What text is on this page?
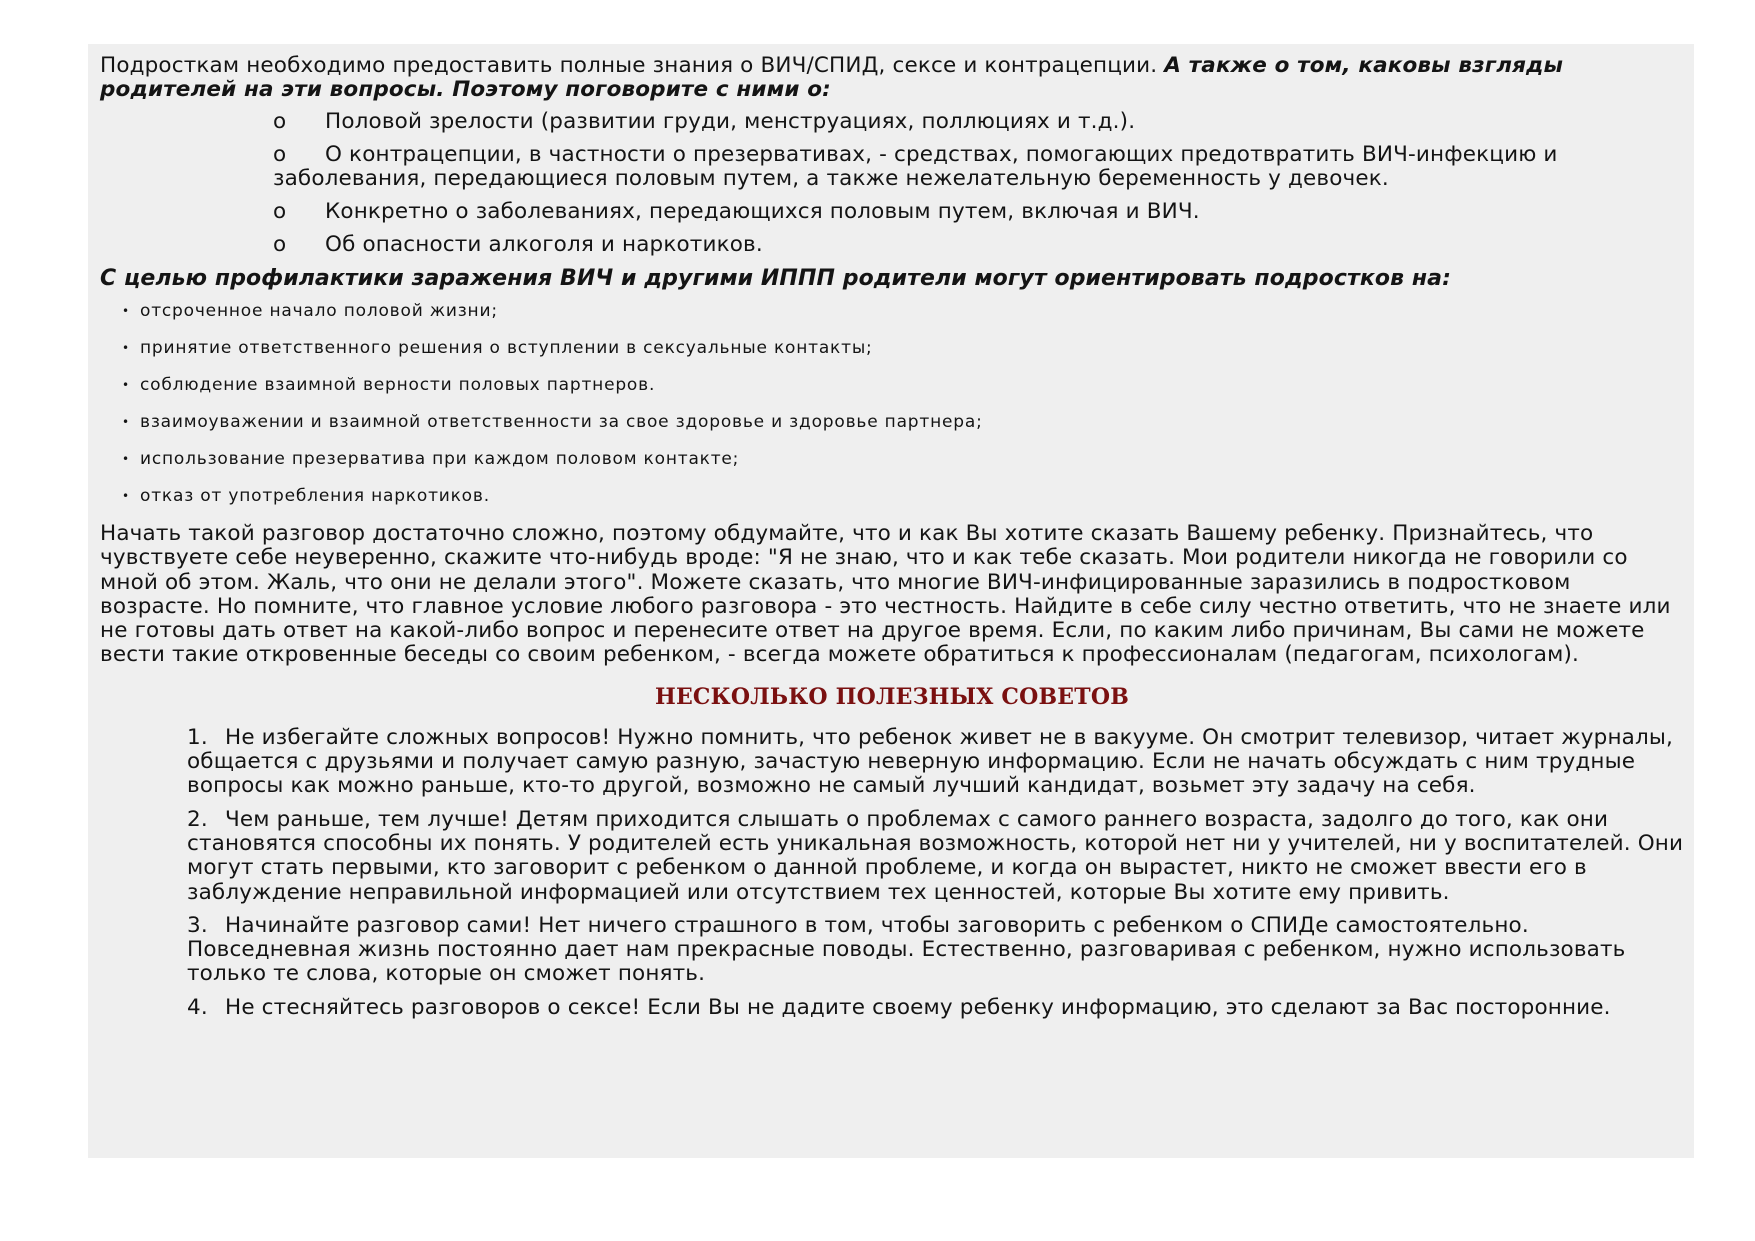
Подросткам необходимо предоставить полные знания о ВИЧ/СПИД, сексе и контрацепции. А также о том, каковы взгляды родителей на эти вопросы. Поэтому поговорите с ними о:

o Половой зрелости (развитии груди, менструациях, поллюциях и т.д.).
o О контрацепции, в частности о презервативах, - средствах, помогающих предотвратить ВИЧ-инфекцию и заболевания, передающиеся половым путем, а также нежелательную беременность у девочек.
o Конкретно о заболеваниях, передающихся половым путем, включая и ВИЧ.
o Об опасности алкоголя и наркотиков.

С целью профилактики заражения ВИЧ и другими ИППП родители могут ориентировать подростков на:

• отсроченное начало половой жизни;
• принятие ответственного решения о вступлении в сексуальные контакты;
• соблюдение взаимной верности половых партнеров.
• взаимоуважении и взаимной ответственности за свое здоровье и здоровье партнера;
• использование презерватива при каждом половом контакте;
• отказ от употребления наркотиков.

Начать такой разговор достаточно сложно, поэтому обдумайте, что и как Вы хотите сказать Вашему ребенку. Признайтесь, что чувствуете себе неуверенно, скажите что-нибудь вроде: "Я не знаю, что и как тебе сказать. Мои родители никогда не говорили со мной об этом. Жаль, что они не делали этого". Можете сказать, что многие ВИЧ-инфицированные заразились в подростковом возрасте. Но помните, что главное условие любого разговора - это честность. Найдите в себе силу честно ответить, что не знаете или не готовы дать ответ на какой-либо вопрос и перенесите ответ на другое время. Если, по каким либо причинам, Вы сами не можете вести такие откровенные беседы со своим ребенком, - всегда можете обратиться к профессионалам (педагогам, психологам).

НЕСКОЛЬКО ПОЛЕЗНЫХ СОВЕТОВ
1. Не избегайте сложных вопросов! Нужно помнить, что ребенок живет не в вакууме. Он смотрит телевизор, читает журналы, общается с друзьями и получает самую разную, зачастую неверную информацию. Если не начать обсуждать с ним трудные вопросы как можно раньше, кто-то другой, возможно не самый лучший кандидат, возьмет эту задачу на себя.
2. Чем раньше, тем лучше! Детям приходится слышать о проблемах с самого раннего возраста, задолго до того, как они становятся способны их понять. У родителей есть уникальная возможность, которой нет ни у учителей, ни у воспитателей. Они могут стать первыми, кто заговорит с ребенком о данной проблеме, и когда он вырастет, никто не сможет ввести его в заблуждение неправильной информацией или отсутствием тех ценностей, которые Вы хотите ему привить.
3. Начинайте разговор сами! Нет ничего страшного в том, чтобы заговорить с ребенком о СПИДе самостоятельно. Повседневная жизнь постоянно дает нам прекрасные поводы. Естественно, разговаривая с ребенком, нужно использовать только те слова, которые он сможет понять.
4. Не стесняйтесь разговоров о сексе! Если Вы не дадите своему ребенку информацию, это сделают за Вас посторонние.
